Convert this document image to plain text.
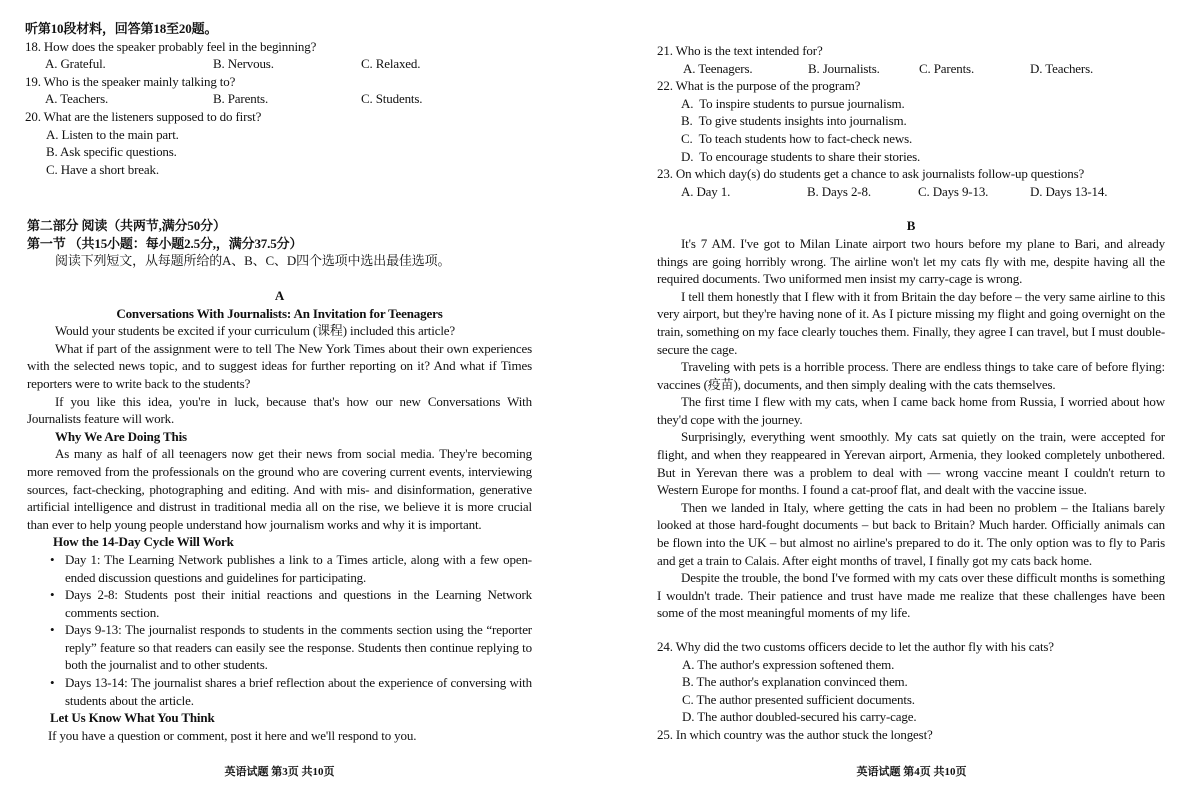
听第10段材料，回答第18至20题。
18. How does the speaker probably feel in the beginning?
A. Grateful.	B. Nervous.	C. Relaxed.
19. Who is the speaker mainly talking to?
A. Teachers.	B. Parents.	C. Students.
20. What are the listeners supposed to do first?
A. Listen to the main part.
B. Ask specific questions.
C. Have a short break.
第二部分 阅读（共两节,满分50分）
第一节 （共15小题：每小题2.5分,，满分37.5分）
阅读下列短文，从每题所给的A、B、C、D四个选项中选出最佳选项。
A
Conversations With Journalists: An Invitation for Teenagers
Would your students be excited if your curriculum (课程) included this article?
What if part of the assignment were to tell The New York Times about their own experiences with the selected news topic, and to suggest ideas for further reporting on it? And what if Times reporters were to write back to the students?
If you like this idea, you're in luck, because that's how our new Conversations With Journalists feature will work.
Why We Are Doing This
As many as half of all teenagers now get their news from social media. They're becoming more removed from the professionals on the ground who are covering current events, interviewing sources, fact-checking, photographing and editing. And with mis- and disinformation, generative artificial intelligence and distrust in traditional media all on the rise, we believe it is more crucial than ever to help young people understand how journalism works and why it is important.
How the 14-Day Cycle Will Work
• Day 1: The Learning Network publishes a link to a Times article, along with a few open-ended discussion questions and guidelines for participating.
• Days 2-8: Students post their initial reactions and questions in the Learning Network comments section.
• Days 9-13: The journalist responds to students in the comments section using the “reporter reply” feature so that readers can easily see the response. Students then continue replying to both the journalist and to other students.
• Days 13-14: The journalist shares a brief reflection about the experience of conversing with students about the article.
Let Us Know What You Think
If you have a question or comment, post it here and we'll respond to you.
英语试题 第3页 共10页
21. Who is the text intended for?
A. Teenagers.	B. Journalists.	C. Parents.	D. Teachers.
22. What is the purpose of the program?
A.  To inspire students to pursue journalism.
B.  To give students insights into journalism.
C.  To teach students how to fact-check news.
D.  To encourage students to share their stories.
23. On which day(s) do students get a chance to ask journalists follow-up questions?
A. Day 1.	B. Days 2-8.	C. Days 9-13.	D. Days 13-14.
B
It's 7 AM. I've got to Milan Linate airport two hours before my plane to Bari, and already things are going horribly wrong. The airline won't let my cats fly with me, despite having all the required documents. Two uniformed men insist my carry-cage is wrong.
I tell them honestly that I flew with it from Britain the day before – the very same airline to this very airport, but they're having none of it. As I picture missing my flight and going overnight on the train, something on my face clearly touches them. Finally, they agree I can travel, but I must double-secure the cage.
Traveling with pets is a horrible process. There are endless things to take care of before flying: vaccines (疫苗), documents, and then simply dealing with the cats themselves.
The first time I flew with my cats, when I came back home from Russia, I worried about how they'd cope with the journey.
Surprisingly, everything went smoothly. My cats sat quietly on the train, were accepted for flight, and when they reappeared in Yerevan airport, Armenia, they looked completely unbothered. But in Yerevan there was a problem to deal with — wrong vaccine meant I couldn't return to Western Europe for months. I found a cat-proof flat, and dealt with the vaccine issue.
Then we landed in Italy, where getting the cats in had been no problem – the Italians barely looked at those hard-fought documents – but back to Britain? Much harder. Officially animals can be flown into the UK – but almost no airline's prepared to do it. The only option was to fly to Paris and get a train to Calais. After eight months of travel, I finally got my cats back home.
Despite the trouble, the bond I've formed with my cats over these difficult months is something I wouldn't trade. Their patience and trust have made me realize that these challenges have been some of the most meaningful moments of my life.
24. Why did the two customs officers decide to let the author fly with his cats?
A. The author's expression softened them.
B. The author's explanation convinced them.
C. The author presented sufficient documents.
D. The author doubled-secured his carry-cage.
25. In which country was the author stuck the longest?
英语试题 第4页 共10页
